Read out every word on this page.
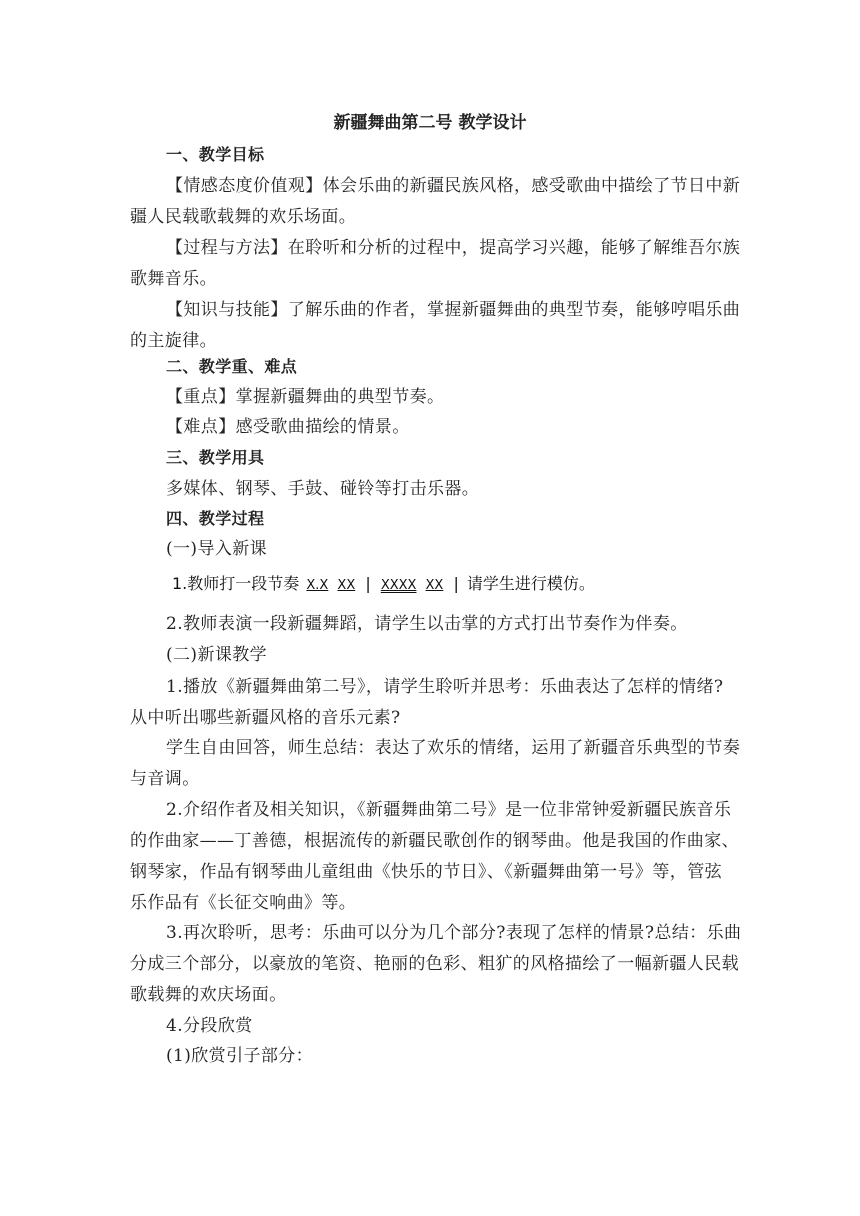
新疆舞曲第二号 教学设计
一、教学目标
【情感态度价值观】体会乐曲的新疆民族风格，感受歌曲中描绘了节日中新
疆人民载歌载舞的欢乐场面。
【过程与方法】在聆听和分析的过程中，提高学习兴趣，能够了解维吾尔族
歌舞音乐。
【知识与技能】了解乐曲的作者，掌握新疆舞曲的典型节奏，能够哼唱乐曲
的主旋律。
二、教学重、难点
【重点】掌握新疆舞曲的典型节奏。
【难点】感受歌曲描绘的情景。
三、教学用具
多媒体、钢琴、手鼓、碰铃等打击乐器。
四、教学过程
(一)导入新课
1.教师打一段节奏 X.X XX | XXXX XX | 请学生进行模仿。
2.教师表演一段新疆舞蹈，请学生以击掌的方式打出节奏作为伴奏。
(二)新课教学
1.播放《新疆舞曲第二号》，请学生聆听并思考：乐曲表达了怎样的情绪?
从中听出哪些新疆风格的音乐元素?
学生自由回答，师生总结：表达了欢乐的情绪，运用了新疆音乐典型的节奏
与音调。
2.介绍作者及相关知识，《新疆舞曲第二号》是一位非常钟爱新疆民族音乐
的作曲家——丁善德，根据流传的新疆民歌创作的钢琴曲。他是我国的作曲家、
钢琴家，作品有钢琴曲儿童组曲《快乐的节日》、《新疆舞曲第一号》等，管弦
乐作品有《长征交响曲》等。
3.再次聆听，思考：乐曲可以分为几个部分?表现了怎样的情景?总结：乐曲
分成三个部分，以豪放的笔资、艳丽的色彩、粗犷的风格描绘了一幅新疆人民载
歌载舞的欢庆场面。
4.分段欣赏
(1)欣赏引子部分：
